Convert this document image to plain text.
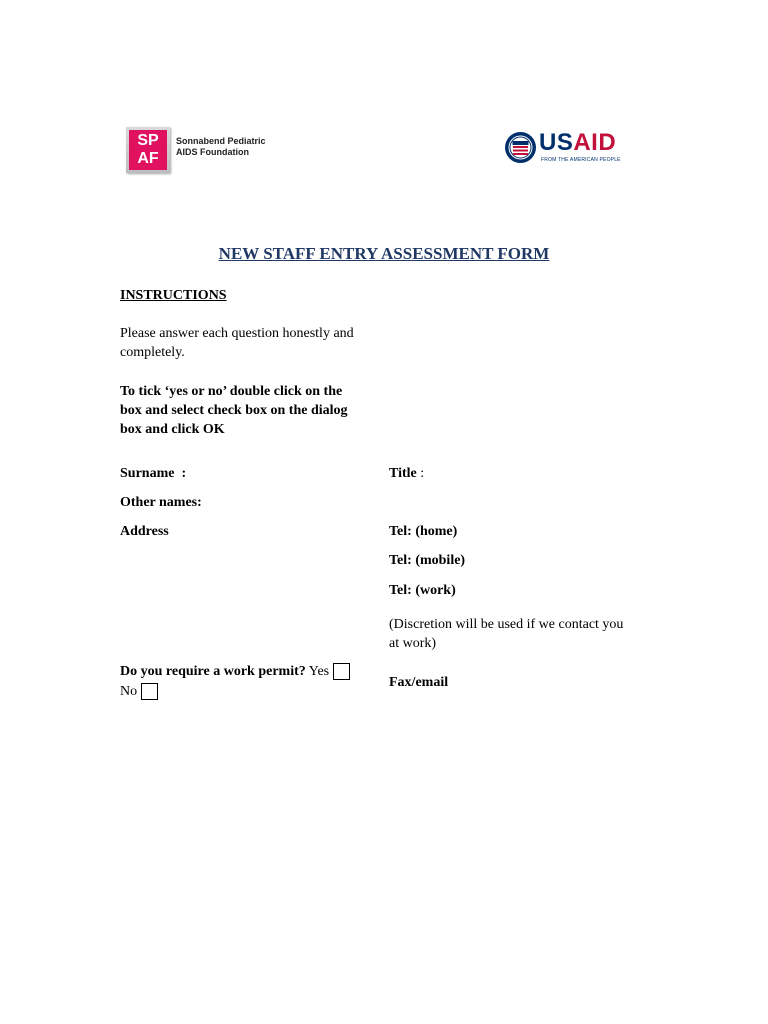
SP
AF
Sonnabend Pediatric
AIDS Foundation	USAID
FROM THE AMERICAN PEOPLE
NEW STAFF ENTRY ASSESSMENT FORM
INSTRUCTIONS
Please answer each question honestly and
completely.
To tick ‘yes or no’ double click on the
box and select check box on the dialog
box and click OK
Surname  :
Other names:
Address
Title :
Tel: (home)
Tel: (mobile)
Tel: (work)
(Discretion will be used if we contact you
at work)
Fax/email
Do you require a work permit? Yes
No
